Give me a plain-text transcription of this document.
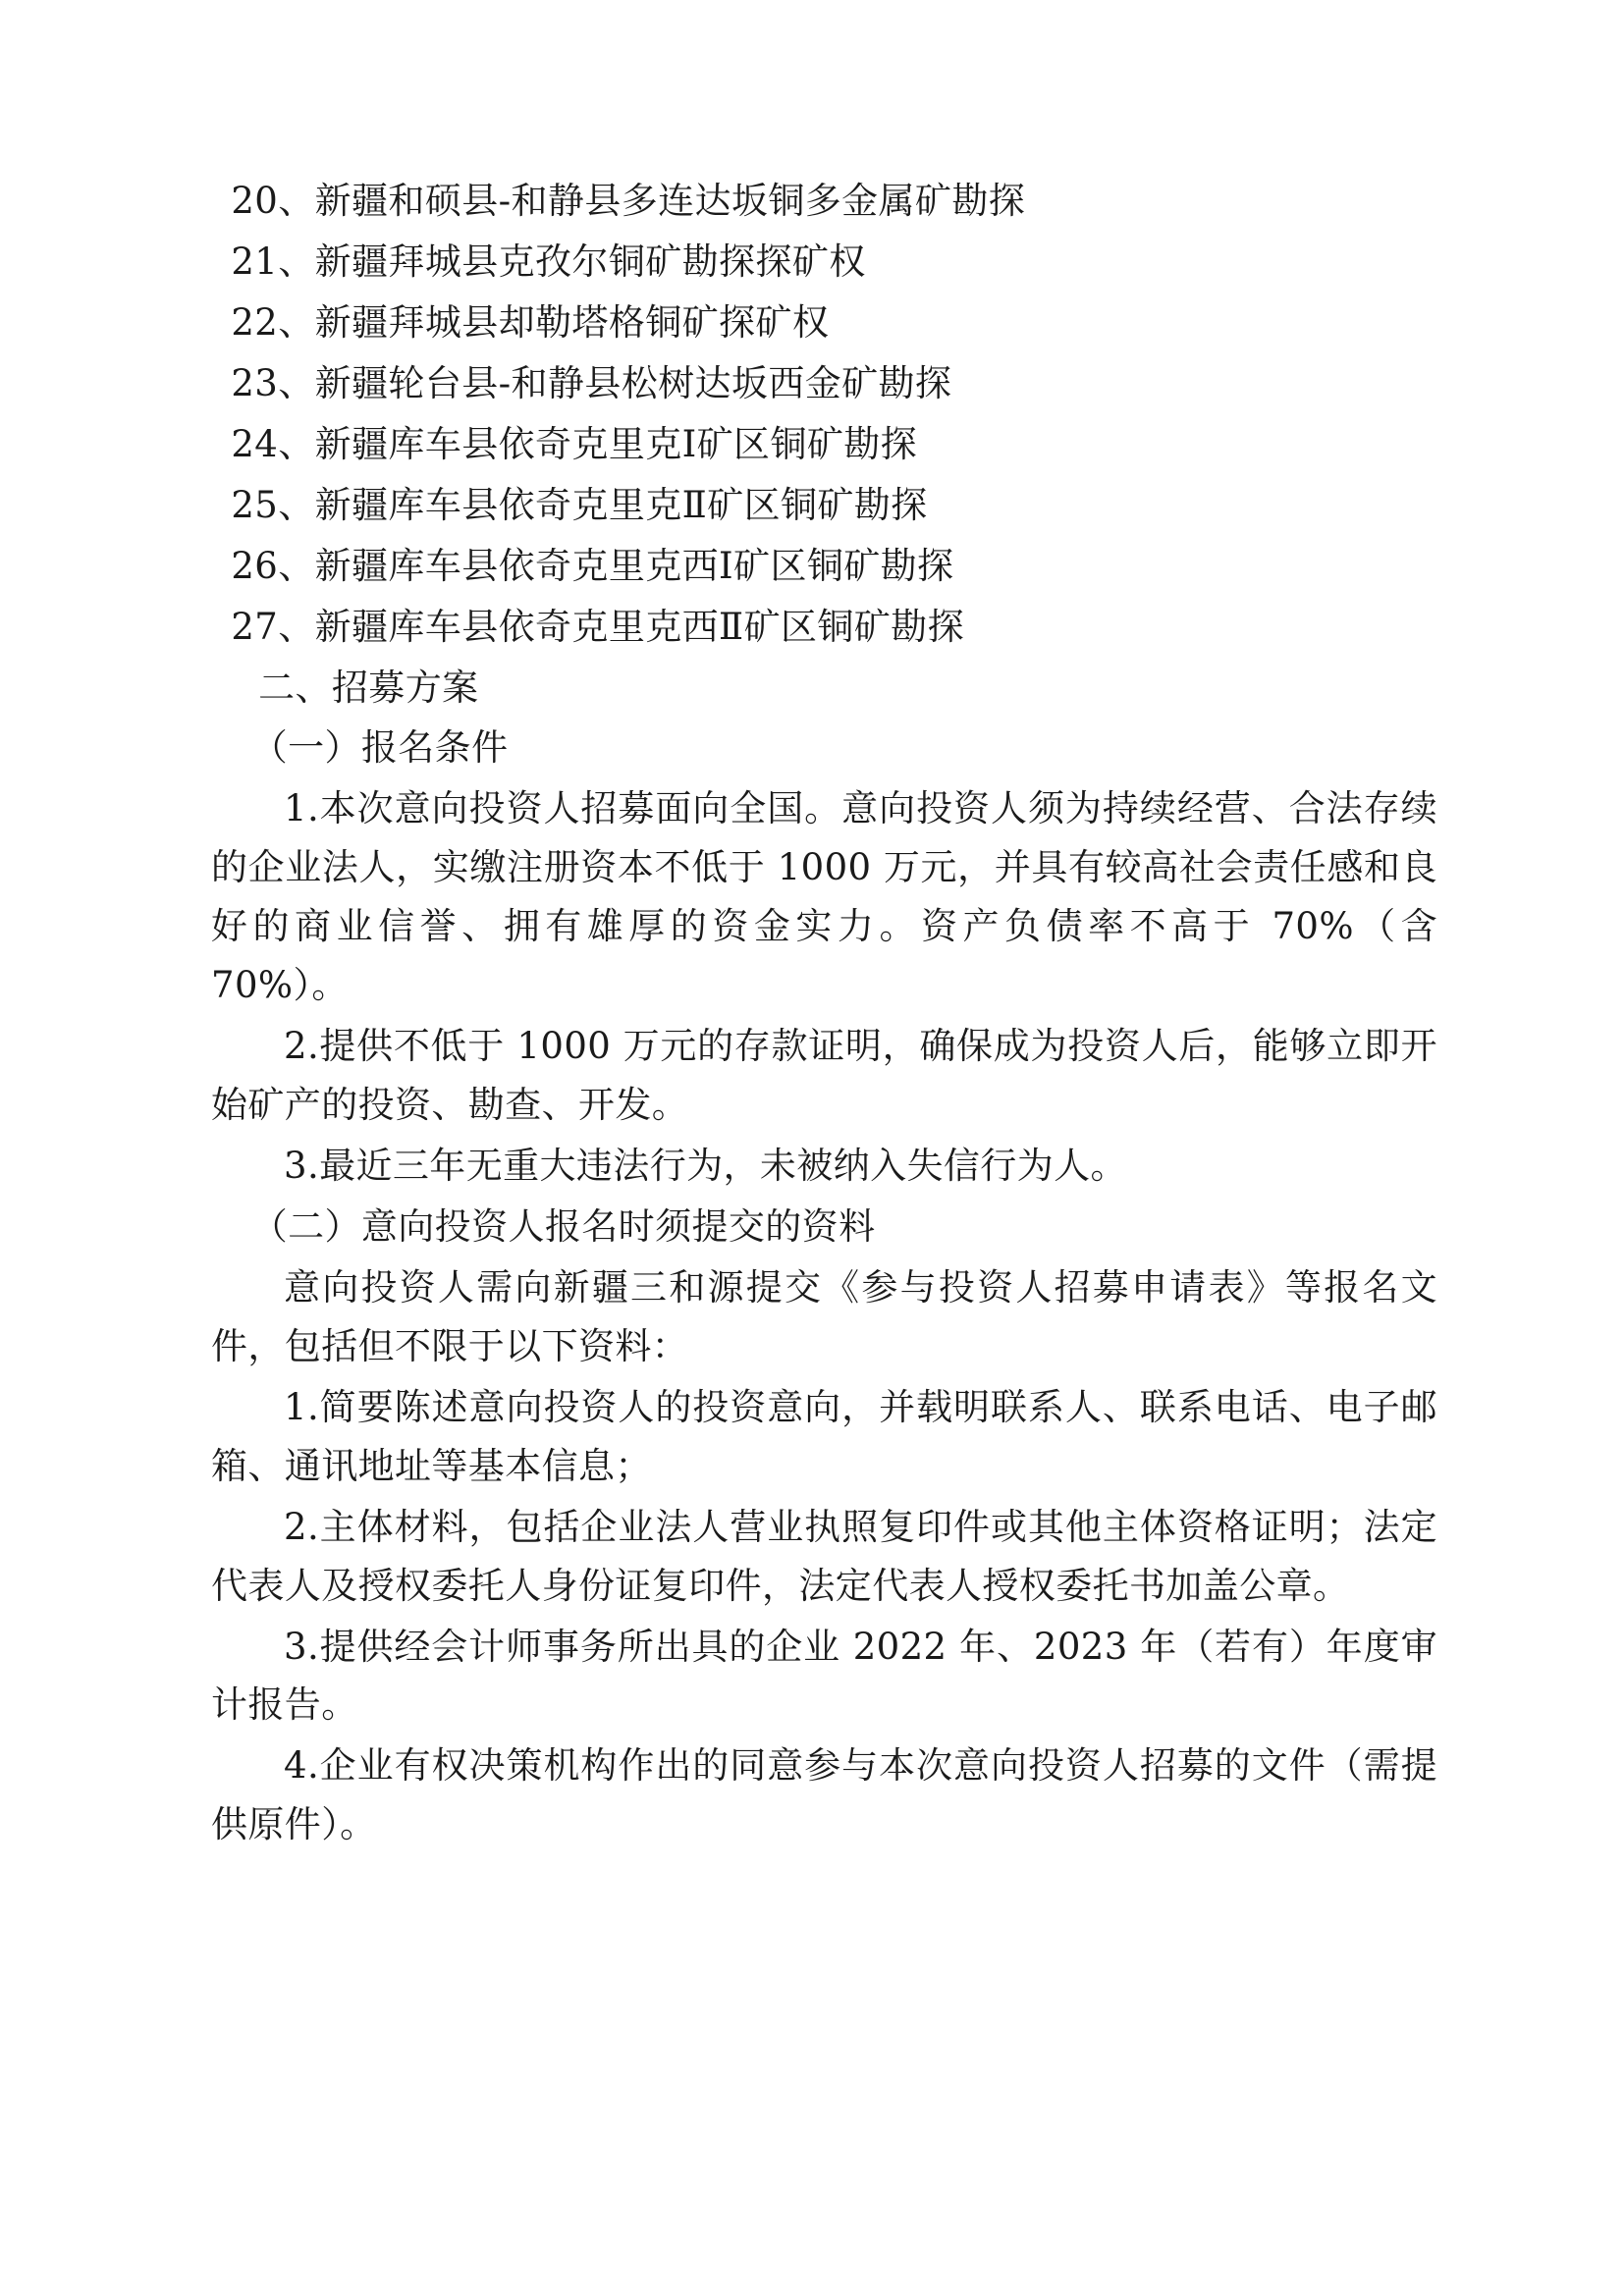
20、新疆和硕县-和静县多连达坂铜多金属矿勘探

21、新疆拜城县克孜尔铜矿勘探探矿权

22、新疆拜城县却勒塔格铜矿探矿权

23、新疆轮台县-和静县松树达坂西金矿勘探

24、新疆库车县依奇克里克Ⅰ矿区铜矿勘探

25、新疆库车县依奇克里克Ⅱ矿区铜矿勘探

26、新疆库车县依奇克里克西Ⅰ矿区铜矿勘探

27、新疆库车县依奇克里克西Ⅱ矿区铜矿勘探

二、招募方案

（一）报名条件

1.本次意向投资人招募面向全国。意向投资人须为持续经营、合法存续的企业法人，实缴注册资本不低于 1000 万元，并具有较高社会责任感和良好的商业信誉、拥有雄厚的资金实力。资产负债率不高于 70%（含 70%）。

2.提供不低于 1000 万元的存款证明，确保成为投资人后，能够立即开始矿产的投资、勘查、开发。

3.最近三年无重大违法行为，未被纳入失信行为人。

（二）意向投资人报名时须提交的资料

意向投资人需向新疆三和源提交《参与投资人招募申请表》等报名文件，包括但不限于以下资料：

1.简要陈述意向投资人的投资意向，并载明联系人、联系电话、电子邮箱、通讯地址等基本信息；

2.主体材料，包括企业法人营业执照复印件或其他主体资格证明；法定代表人及授权委托人身份证复印件，法定代表人授权委托书加盖公章。

3.提供经会计师事务所出具的企业 2022 年、2023 年（若有）年度审计报告。

4.企业有权决策机构作出的同意参与本次意向投资人招募的文件（需提供原件）。
